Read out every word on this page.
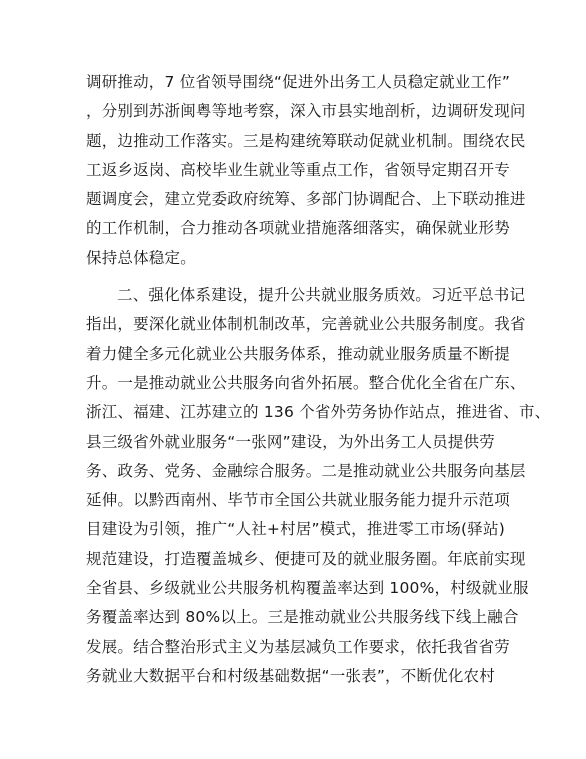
调研推动，7 位省领导围绕“促进外出务工人员稳定就业工作”
，分别到苏浙闽粤等地考察，深入市县实地剖析，边调研发现问
题，边推动工作落实。三是构建统筹联动促就业机制。围绕农民
工返乡返岗、高校毕业生就业等重点工作，省领导定期召开专
题调度会，建立党委政府统筹、多部门协调配合、上下联动推进
的工作机制，合力推动各项就业措施落细落实，确保就业形势
保持总体稳定。
二、强化体系建设，提升公共就业服务质效。习近平总书记
指出，要深化就业体制机制改革，完善就业公共服务制度。我省
着力健全多元化就业公共服务体系，推动就业服务质量不断提
升。一是推动就业公共服务向省外拓展。整合优化全省在广东、
浙江、福建、江苏建立的 136 个省外劳务协作站点，推进省、市、
县三级省外就业服务“一张网”建设，为外出务工人员提供劳
务、政务、党务、金融综合服务。二是推动就业公共服务向基层
延伸。以黔西南州、毕节市全国公共就业服务能力提升示范项
目建设为引领，推广“人社+村居”模式，推进零工市场(驿站)
规范建设，打造覆盖城乡、便捷可及的就业服务圈。年底前实现
全省县、乡级就业公共服务机构覆盖率达到 100%，村级就业服
务覆盖率达到 80%以上。三是推动就业公共服务线下线上融合
发展。结合整治形式主义为基层减负工作要求，依托我省省劳
务就业大数据平台和村级基础数据“一张表”，不断优化农村
